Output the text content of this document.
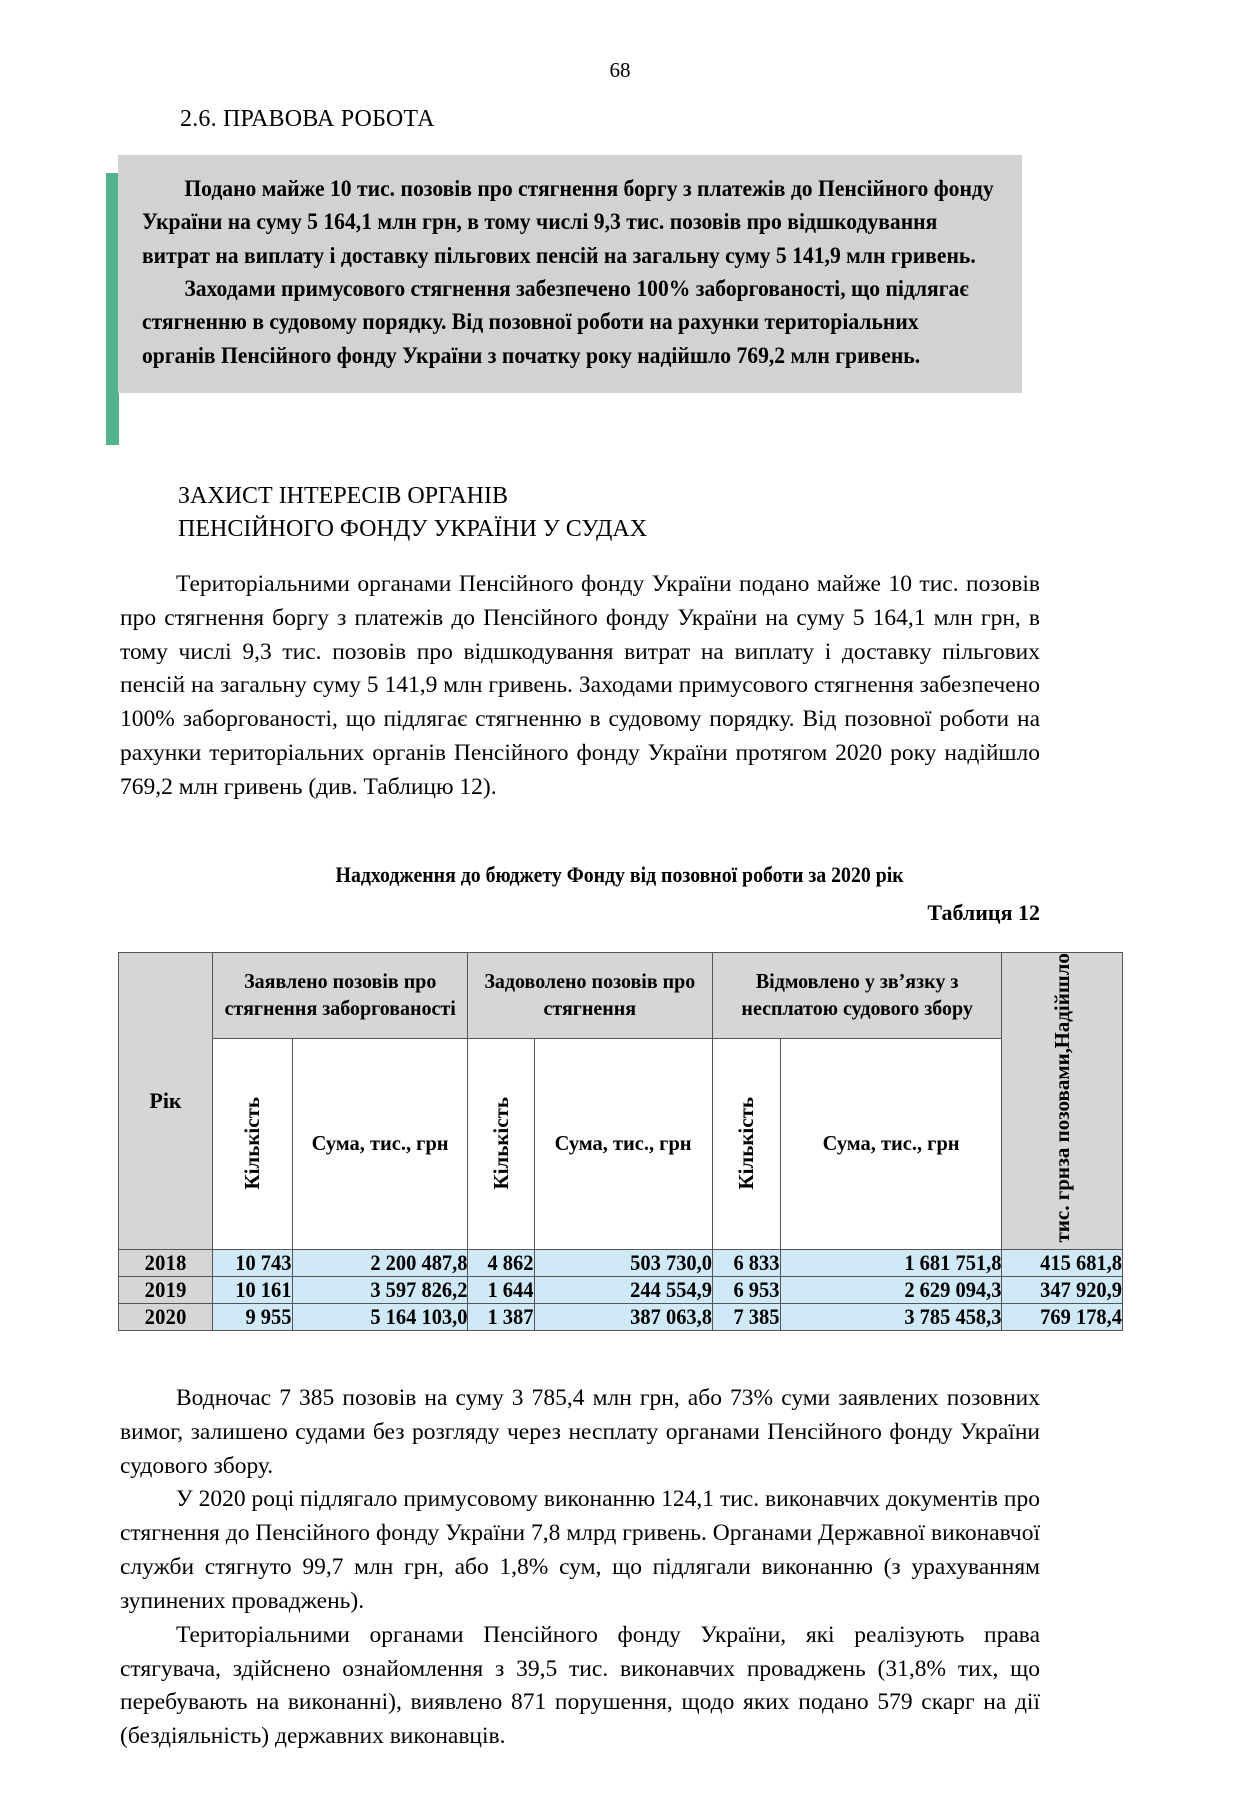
68
2.6. ПРАВОВА РОБОТА

Подано майже 10 тис. позовів про стягнення боргу з платежів до Пенсійного фонду України на суму 5 164,1 млн грн, в тому числі 9,3 тис. позовів про відшкодування витрат на виплату і доставку пільгових пенсій на загальну суму 5 141,9 млн гривень.

Заходами примусового стягнення забезпечено 100% заборгованості, що підлягає стягненню в судовому порядку. Від позовної роботи на рахунки територіальних органів Пенсійного фонду України з початку року надійшло 769,2 млн гривень.

ЗАХИСТ ІНТЕРЕСІВ ОРГАНІВ
ПЕНСІЙНОГО ФОНДУ УКРАЇНИ У СУДАХ

Територіальними органами Пенсійного фонду України подано майже 10 тис. позовів про стягнення боргу з платежів до Пенсійного фонду України на суму 5 164,1 млн грн, в тому числі 9,3 тис. позовів про відшкодування витрат на виплату і доставку пільгових пенсій на загальну суму 5 141,9 млн гривень. Заходами примусового стягнення забезпечено 100% заборгованості, що підлягає стягненню в судовому порядку. Від позовної роботи на рахунки територіальних органів Пенсійного фонду України протягом 2020 року надійшло 769,2 млн гривень (див. Таблицю 12).

Надходження до бюджету Фонду від позовної роботи за 2020 рік
Таблиця 12
Рік	Заявлено позовів про стягнення заборгованості		Задоволено позовів про стягнення		Відмовлено у зв’язку з несплатою судового збору		Надійшло
за позовами,
тис. грн

	Кількість	Сума, тис., грн	Кількість	Сума, тис., грн	Кількість	Сума, тис., грн	
2018	10 743	2 200 487,8	4 862	503 730,0	6 833	1 681 751,8	415 681,8
2019	10 161	3 597 826,2	1 644	244 554,9	6 953	2 629 094,3	347 920,9
2020	9 955	5 164 103,0	1 387	387 063,8	7 385	3 785 458,3	769 178,4

Водночас 7 385 позовів на суму 3 785,4 млн грн, або 73% суми заявлених позовних вимог, залишено судами без розгляду через несплату органами Пенсійного фонду України судового збору.

У 2020 році підлягало примусовому виконанню 124,1 тис. виконавчих документів про стягнення до Пенсійного фонду України 7,8 млрд гривень. Органами Державної виконавчої служби стягнуто 99,7 млн грн, або 1,8% сум, що підлягали виконанню (з урахуванням зупинених проваджень).

Територіальними органами Пенсійного фонду України, які реалізують права стягувача, здійснено ознайомлення з 39,5 тис. виконавчих проваджень (31,8% тих, що перебувають на виконанні), виявлено 871 порушення, щодо яких подано 579 скарг на дії (бездіяльність) державних виконавців.
